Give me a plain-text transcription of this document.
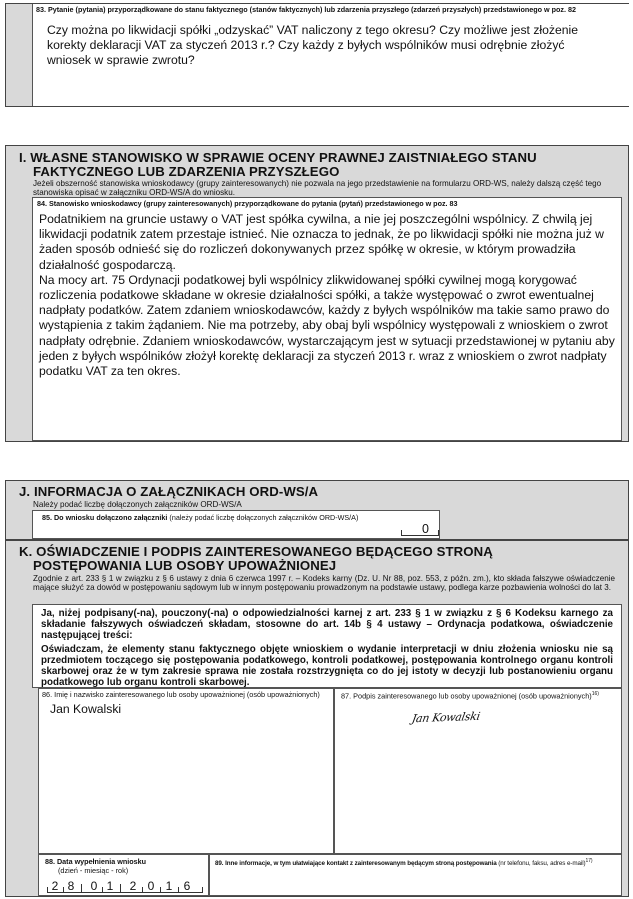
83. Pytanie (pytania) przyporządkowane do stanu faktycznego (stanów faktycznych) lub zdarzenia przyszłego (zdarzeń przyszłych) przedstawionego w poz. 82
Czy można po likwidacji spółki „odzyskać” VAT naliczony z tego okresu? Czy możliwe jest złożenie korekty deklaracji VAT za styczeń 2013 r.? Czy każdy z byłych wspólników musi odrębnie złożyć wniosek w sprawie zwrotu?
I. WŁASNE STANOWISKO W SPRAWIE OCENY PRAWNEJ ZAISTNIAŁEGO STANU
FAKTYCZNEGO LUB ZDARZENIA PRZYSZŁEGO
Jeżeli obszerność stanowiska wnioskodawcy (grupy zainteresowanych) nie pozwala na jego przedstawienie na formularzu ORD-WS, należy dalszą część tego stanowiska opisać w załączniku ORD-WS/A do wniosku.
84. Stanowisko wnioskodawcy (grupy zainteresowanych) przyporządkowane do pytania (pytań) przedstawionego w poz. 83
Podatnikiem na gruncie ustawy o VAT jest spółka cywilna, a nie jej poszczególni wspólnicy. Z chwilą jej likwidacji podatnik zatem przestaje istnieć. Nie oznacza to jednak, że po likwidacji spółki nie można już w żaden sposób odnieść się do rozliczeń dokonywanych przez spółkę w okresie, w którym prowadziła działalność gospodarczą.
Na mocy art. 75 Ordynacji podatkowej byli wspólnicy zlikwidowanej spółki cywilnej mogą korygować rozliczenia podatkowe składane w okresie działalności spółki, a także występować o zwrot ewentualnej nadpłaty podatków. Zatem zdaniem wnioskodawców, każdy z byłych wspólników ma takie samo prawo do wystąpienia z takim żądaniem. Nie ma potrzeby, aby obaj byli wspólnicy występowali z wnioskiem o zwrot nadpłaty odrębnie. Zdaniem wnioskodawców, wystarczającym jest w sytuacji przedstawionej w pytaniu aby jeden z byłych wspólników złożył korektę deklaracji za styczeń 2013 r. wraz z wnioskiem o zwrot nadpłaty podatku VAT za ten okres.
J. INFORMACJA O ZAŁĄCZNIKACH ORD-WS/A
Należy podać liczbę dołączonych załączników ORD-WS/A
85. Do wniosku dołączono załączniki (należy podać liczbę dołączonych załączników ORD-WS/A)
0
K. OŚWIADCZENIE I PODPIS ZAINTERESOWANEGO BĘDĄCEGO STRONĄ
POSTĘPOWANIA LUB OSOBY UPOWAŻNIONEJ
Zgodnie z art. 233 § 1 w związku z § 6 ustawy z dnia 6 czerwca 1997 r. – Kodeks karny (Dz. U. Nr 88, poz. 553, z późn. zm.), kto składa fałszywe oświadczenie mające służyć za dowód w postępowaniu sądowym lub w innym postępowaniu prowadzonym na podstawie ustawy, podlega karze pozbawienia wolności do lat 3.
Ja, niżej podpisany(-na), pouczony(-na) o odpowiedzialności karnej z art. 233 § 1 w związku z § 6 Kodeksu karnego za składanie fałszywych oświadczeń składam, stosowne do art. 14b § 4 ustawy – Ordynacja podatkowa, oświadczenie następującej treści:
Oświadczam, że elementy stanu faktycznego objęte wnioskiem o wydanie interpretacji w dniu złożenia wniosku nie są przedmiotem toczącego się postępowania podatkowego, kontroli podatkowej, postępowania kontrolnego organu kontroli skarbowej oraz że w tym zakresie sprawa nie została rozstrzygnięta co do jej istoty w decyzji lub postanowieniu organu podatkowego lub organu kontroli skarbowej.
86. Imię i nazwisko zainteresowanego lub osoby upoważnionej (osób upoważnionych)
Jan Kowalski
87. Podpis zainteresowanego lub osoby upoważnionej (osób upoważnionych)$^{16)}$
Jan Kowalski
88. Data wypełnienia wniosku
(dzień - miesiąc - rok)
2 8	0 1	2 0 1 6
89. Inne informacje, w tym ułatwiające kontakt z zainteresowanym będącym stroną postępowania (nr telefonu, faksu, adres e-mail)$^{17)}$
